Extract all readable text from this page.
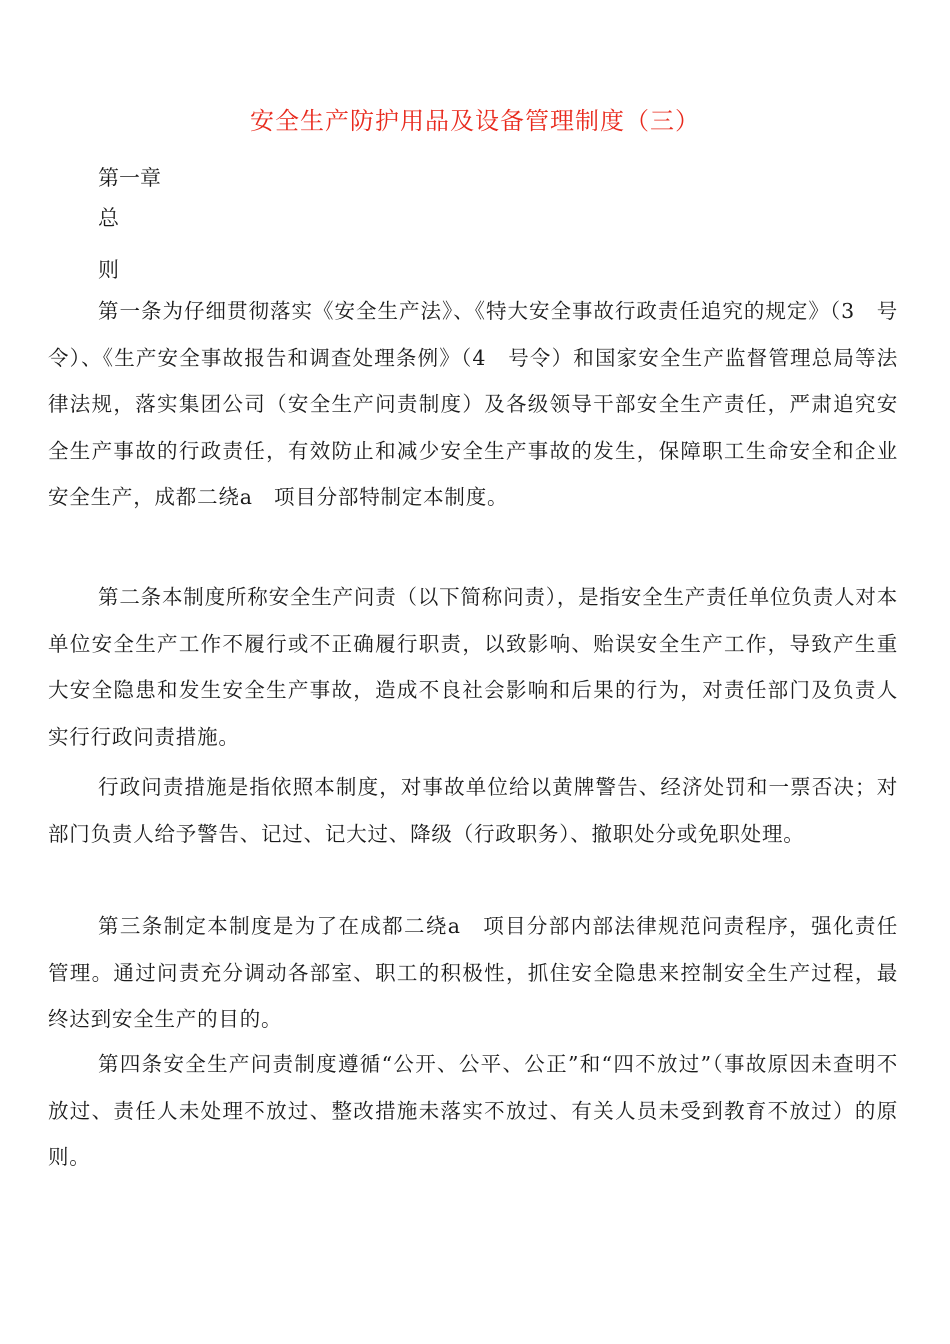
安全生产防护用品及设备管理制度（三）

第一章

总

则

第一条为仔细贯彻落实《安全生产法》、《特大安全事故行政责任追究的规定》（3　号令）、《生产安全事故报告和调查处理条例》（4　号令）和国家安全生产监督管理总局等法律法规，落实集团公司（安全生产问责制度）及各级领导干部安全生产责任，严肃追究安全生产事故的行政责任，有效防止和减少安全生产事故的发生，保障职工生命安全和企业安全生产，成都二绕a　项目分部特制定本制度。

第二条本制度所称安全生产问责（以下简称问责），是指安全生产责任单位负责人对本单位安全生产工作不履行或不正确履行职责，以致影响、贻误安全生产工作，导致产生重大安全隐患和发生安全生产事故，造成不良社会影响和后果的行为，对责任部门及负责人实行行政问责措施。

行政问责措施是指依照本制度，对事故单位给以黄牌警告、经济处罚和一票否决；对部门负责人给予警告、记过、记大过、降级（行政职务）、撤职处分或免职处理。

第三条制定本制度是为了在成都二绕a　项目分部内部法律规范问责程序，强化责任管理。通过问责充分调动各部室、职工的积极性，抓住安全隐患来控制安全生产过程，最终达到安全生产的目的。

第四条安全生产问责制度遵循“公开、公平、公正”和“四不放过”（事故原因未查明不放过、责任人未处理不放过、整改措施未落实不放过、有关人员未受到教育不放过）的原则。
